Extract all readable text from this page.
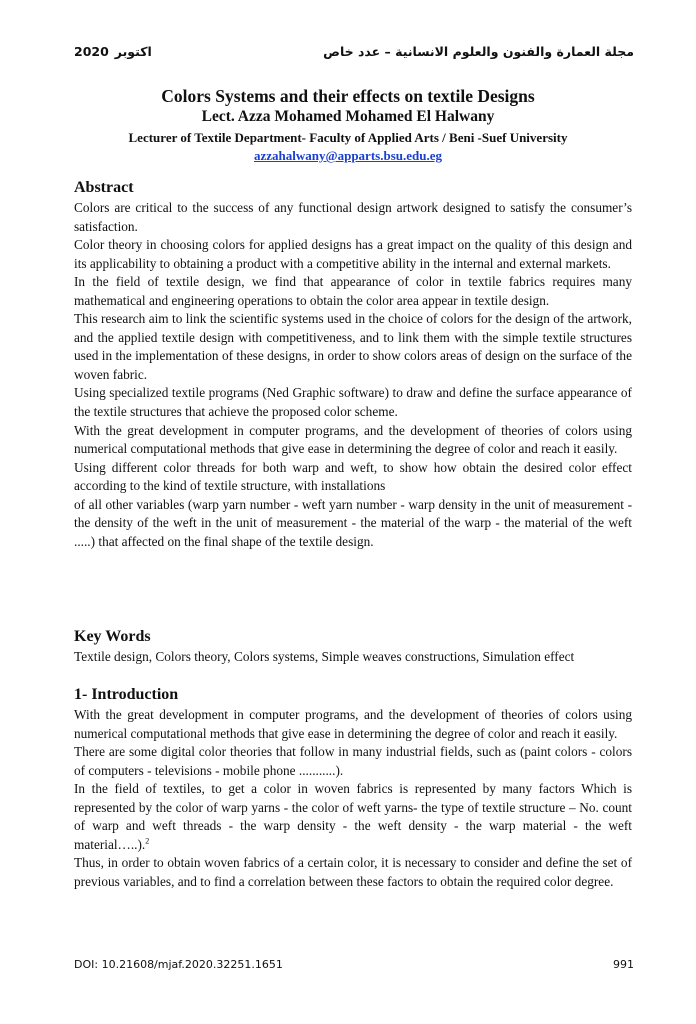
2020 اكتوبر	مجلة العمارة والفنون والعلوم الانسانية – عدد خاص
Colors Systems and their effects on textile Designs
Lect. Azza Mohamed Mohamed El Halwany
Lecturer of Textile Department- Faculty of Applied Arts / Beni -Suef University
azzahalwany@apparts.bsu.edu.eg
Abstract
Colors are critical to the success of any functional design artwork designed to satisfy the consumer’s satisfaction.
Color theory in choosing colors for applied designs has a great impact on the quality of this design and its applicability to obtaining a product with a competitive ability in the internal and external markets.
In the field of textile design, we find that appearance of color in textile fabrics requires many mathematical and engineering operations to obtain the color area appear in textile design.
This research aim to link the scientific systems used in the choice of colors for the design of the artwork, and the applied textile design with competitiveness, and to link them with the simple textile structures used in the implementation of these designs, in order to show colors areas of design on the surface of the woven fabric.
Using specialized textile programs (Ned Graphic software) to draw and define the surface appearance of the textile structures that achieve the proposed color scheme.
With the great development in computer programs, and the development of theories of colors using numerical computational methods that give ease in determining the degree of color and reach it easily.
Using different color threads for both warp and weft, to show how obtain the desired color effect according to the kind of textile structure, with installations
of all other variables (warp yarn number - weft yarn number - warp density in the unit of measurement - the density of the weft in the unit of measurement - the material of the warp - the material of the weft .....) that affected on the final shape of the textile design.
Key Words
Textile design, Colors theory, Colors systems, Simple weaves constructions, Simulation effect
1- Introduction
With the great development in computer programs, and the development of theories of colors using numerical computational methods that give ease in determining the degree of color and reach it easily.
There are some digital color theories that follow in many industrial fields, such as (paint colors - colors of computers - televisions - mobile phone ...........).
In the field of textiles, to get a color in woven fabrics is represented by many factors Which is represented by the color of warp yarns - the color of weft yarns- the type of textile structure – No. count of warp and weft threads - the warp density - the weft density - the warp material - the weft material…..).$^2$
Thus, in order to obtain woven fabrics of a certain color, it is necessary to consider and define the set of previous variables, and to find a correlation between these factors to obtain the required color degree.
DOI: 10.21608/mjaf.2020.32251.1651	991
